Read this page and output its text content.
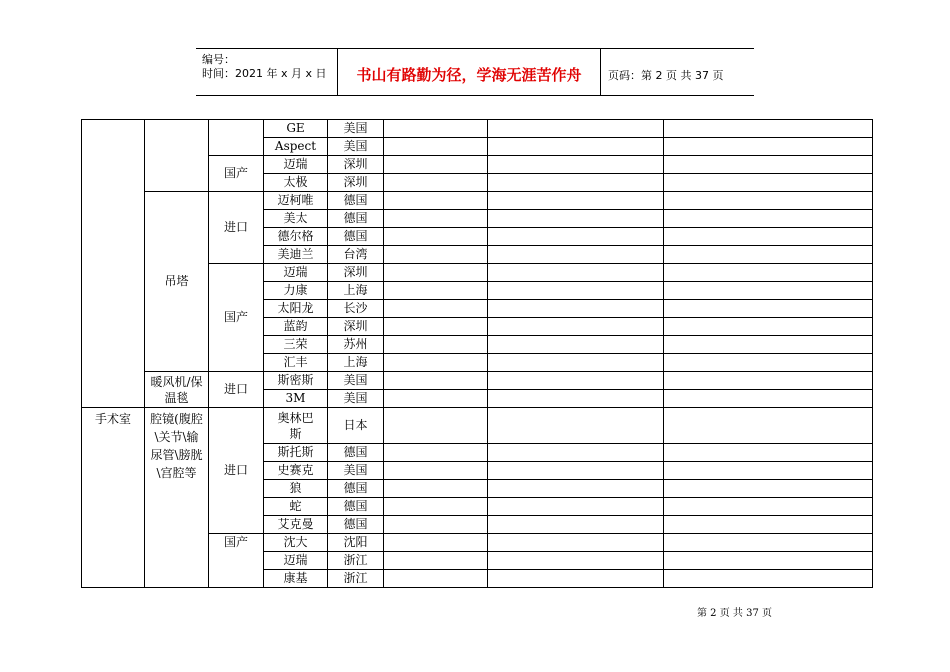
编号：
时间：2021 年 x 月 x 日	书山有路勤为径，学海无涯苦作舟	页码：第 2 页 共 37 页
			GE	美国			
			Aspect	美国			
		国产	迈瑞	深圳			
			太极	深圳			
	吊塔	进口	迈柯唯	德国			
			美太	德国			
			德尔格	德国			
			美迪兰	台湾			
		国产	迈瑞	深圳			
			力康	上海			
			太阳龙	长沙			
			蓝韵	深圳			
			三荣	苏州			
			汇丰	上海			
	暖风机/保温毯	进口	斯密斯	美国			
			3M	美国			
手术室	腔镜(腹腔\关节\输尿管\膀胱\宫腔等	进口	奥林巴斯	日本			
			斯托斯	德国			
			史赛克	美国			
			狼	德国			
			蛇	德国			
			艾克曼	德国			
		国产	沈大	沈阳			
			迈瑞	浙江			
			康基	浙江			
第 2 页 共 37 页
